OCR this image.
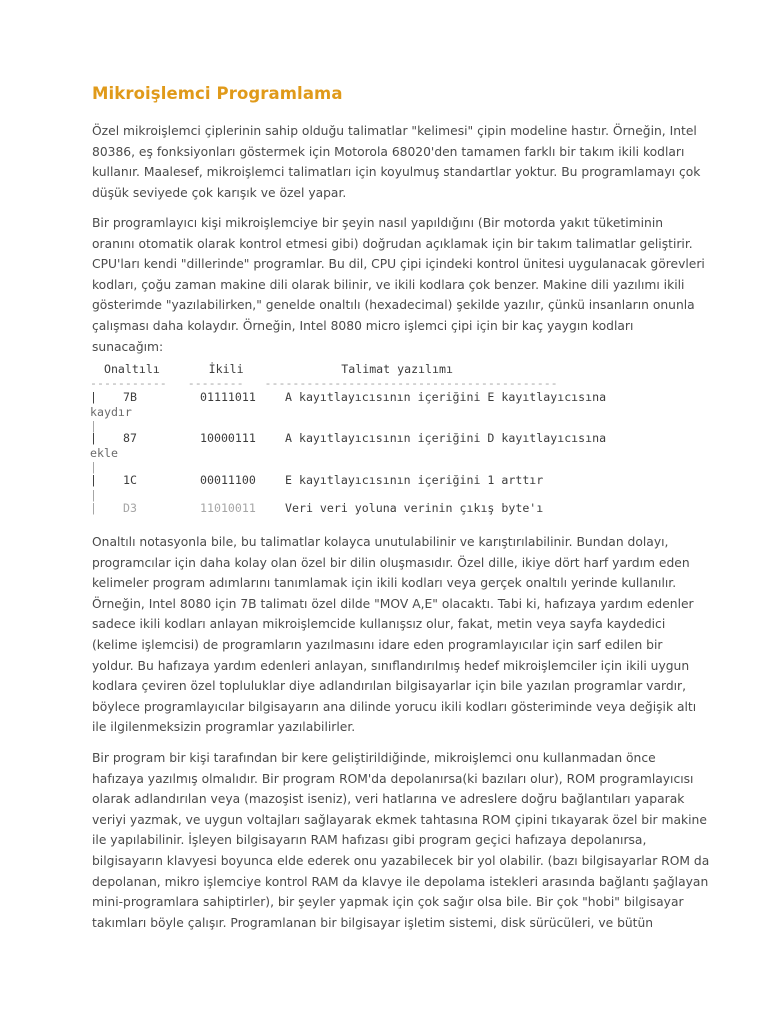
Mikroişlemci Programlama
Özel mikroişlemci çiplerinin sahip olduğu talimatlar "kelimesi" çipin modeline hastır. Örneğin, Intel
80386, eş fonksiyonları göstermek için Motorola 68020'den tamamen farklı bir takım ikili kodları
kullanır. Maalesef, mikroişlemci talimatları için koyulmuş standartlar yoktur. Bu programlamayı çok
düşük seviyede çok karışık ve özel yapar.
Bir programlayıcı kişi mikroişlemciye bir şeyin nasıl yapıldığını (Bir motorda yakıt tüketiminin
oranını otomatik olarak kontrol etmesi gibi) doğrudan açıklamak için bir takım talimatlar geliştirir.
CPU'ları kendi "dillerinde" programlar. Bu dil, CPU çipi içindeki kontrol ünitesi uygulanacak görevleri
kodları, çoğu zaman makine dili olarak bilinir, ve ikili kodlara çok benzer. Makine dili yazılımı ikili
gösterimde "yazılabilirken," genelde onaltılı (hexadecimal) şekilde yazılır, çünkü insanların onunla
çalışması daha kolaydır. Örneğin, Intel 8080 micro işlemci çipi için bir kaç yaygın kodları
sunacağım:
Onaltılı       İkili              Talimat yazılımı
-----------   --------   ------------------------------------------
| 7B	01111011	A kayıtlayıcısının içeriğini E kayıtlayıcısına
kaydır
|
| 87	10000111	A kayıtlayıcısının içeriğini D kayıtlayıcısına
ekle
|
| 1C	00011100	E kayıtlayıcısının içeriğini 1 arttır
|
| D3	11010011	Veri veri yoluna verinin çıkış byte'ı
Onaltılı notasyonla bile, bu talimatlar kolayca unutulabilinir ve karıştırılabilinir. Bundan dolayı,
programcılar için daha kolay olan özel bir dilin oluşmasıdır. Özel dille, ikiye dört harf yardım eden
kelimeler program adımlarını tanımlamak için ikili kodları veya gerçek onaltılı yerinde kullanılır.
Örneğin, Intel 8080 için 7B talimatı özel dilde "MOV A,E" olacaktı. Tabi ki, hafızaya yardım edenler
sadece ikili kodları anlayan mikroişlemcide kullanışsız olur, fakat, metin veya sayfa kaydedici
(kelime işlemcisi) de programların yazılmasını idare eden programlayıcılar için sarf edilen bir
yoldur. Bu hafızaya yardım edenleri anlayan, sınıflandırılmış hedef mikroişlemciler için ikili uygun
kodlara çeviren özel topluluklar diye adlandırılan bilgisayarlar için bile yazılan programlar vardır,
böylece programlayıcılar bilgisayarın ana dilinde yorucu ikili kodları gösteriminde veya değişik altı
ile ilgilenmeksizin programlar yazılabilirler.
Bir program bir kişi tarafından bir kere geliştirildiğinde, mikroişlemci onu kullanmadan önce
hafızaya yazılmış olmalıdır. Bir program ROM'da depolanırsa(ki bazıları olur), ROM programlayıcısı
olarak adlandırılan veya (mazoşist iseniz), veri hatlarına ve adreslere doğru bağlantıları yaparak
veriyi yazmak, ve uygun voltajları sağlayarak ekmek tahtasına ROM çipini tıkayarak özel bir makine
ile yapılabilinir. İşleyen bilgisayarın RAM hafızası gibi program geçici hafızaya depolanırsa,
bilgisayarın klavyesi boyunca elde ederek onu yazabilecek bir yol olabilir. (bazı bilgisayarlar ROM da
depolanan, mikro işlemciye kontrol RAM da klavye ile depolama istekleri arasında bağlantı şağlayan
mini-programlara sahiptirler), bir şeyler yapmak için çok sağır olsa bile. Bir çok "hobi" bilgisayar
takımları böyle çalışır. Programlanan bir bilgisayar işletim sistemi, disk sürücüleri, ve bütün
